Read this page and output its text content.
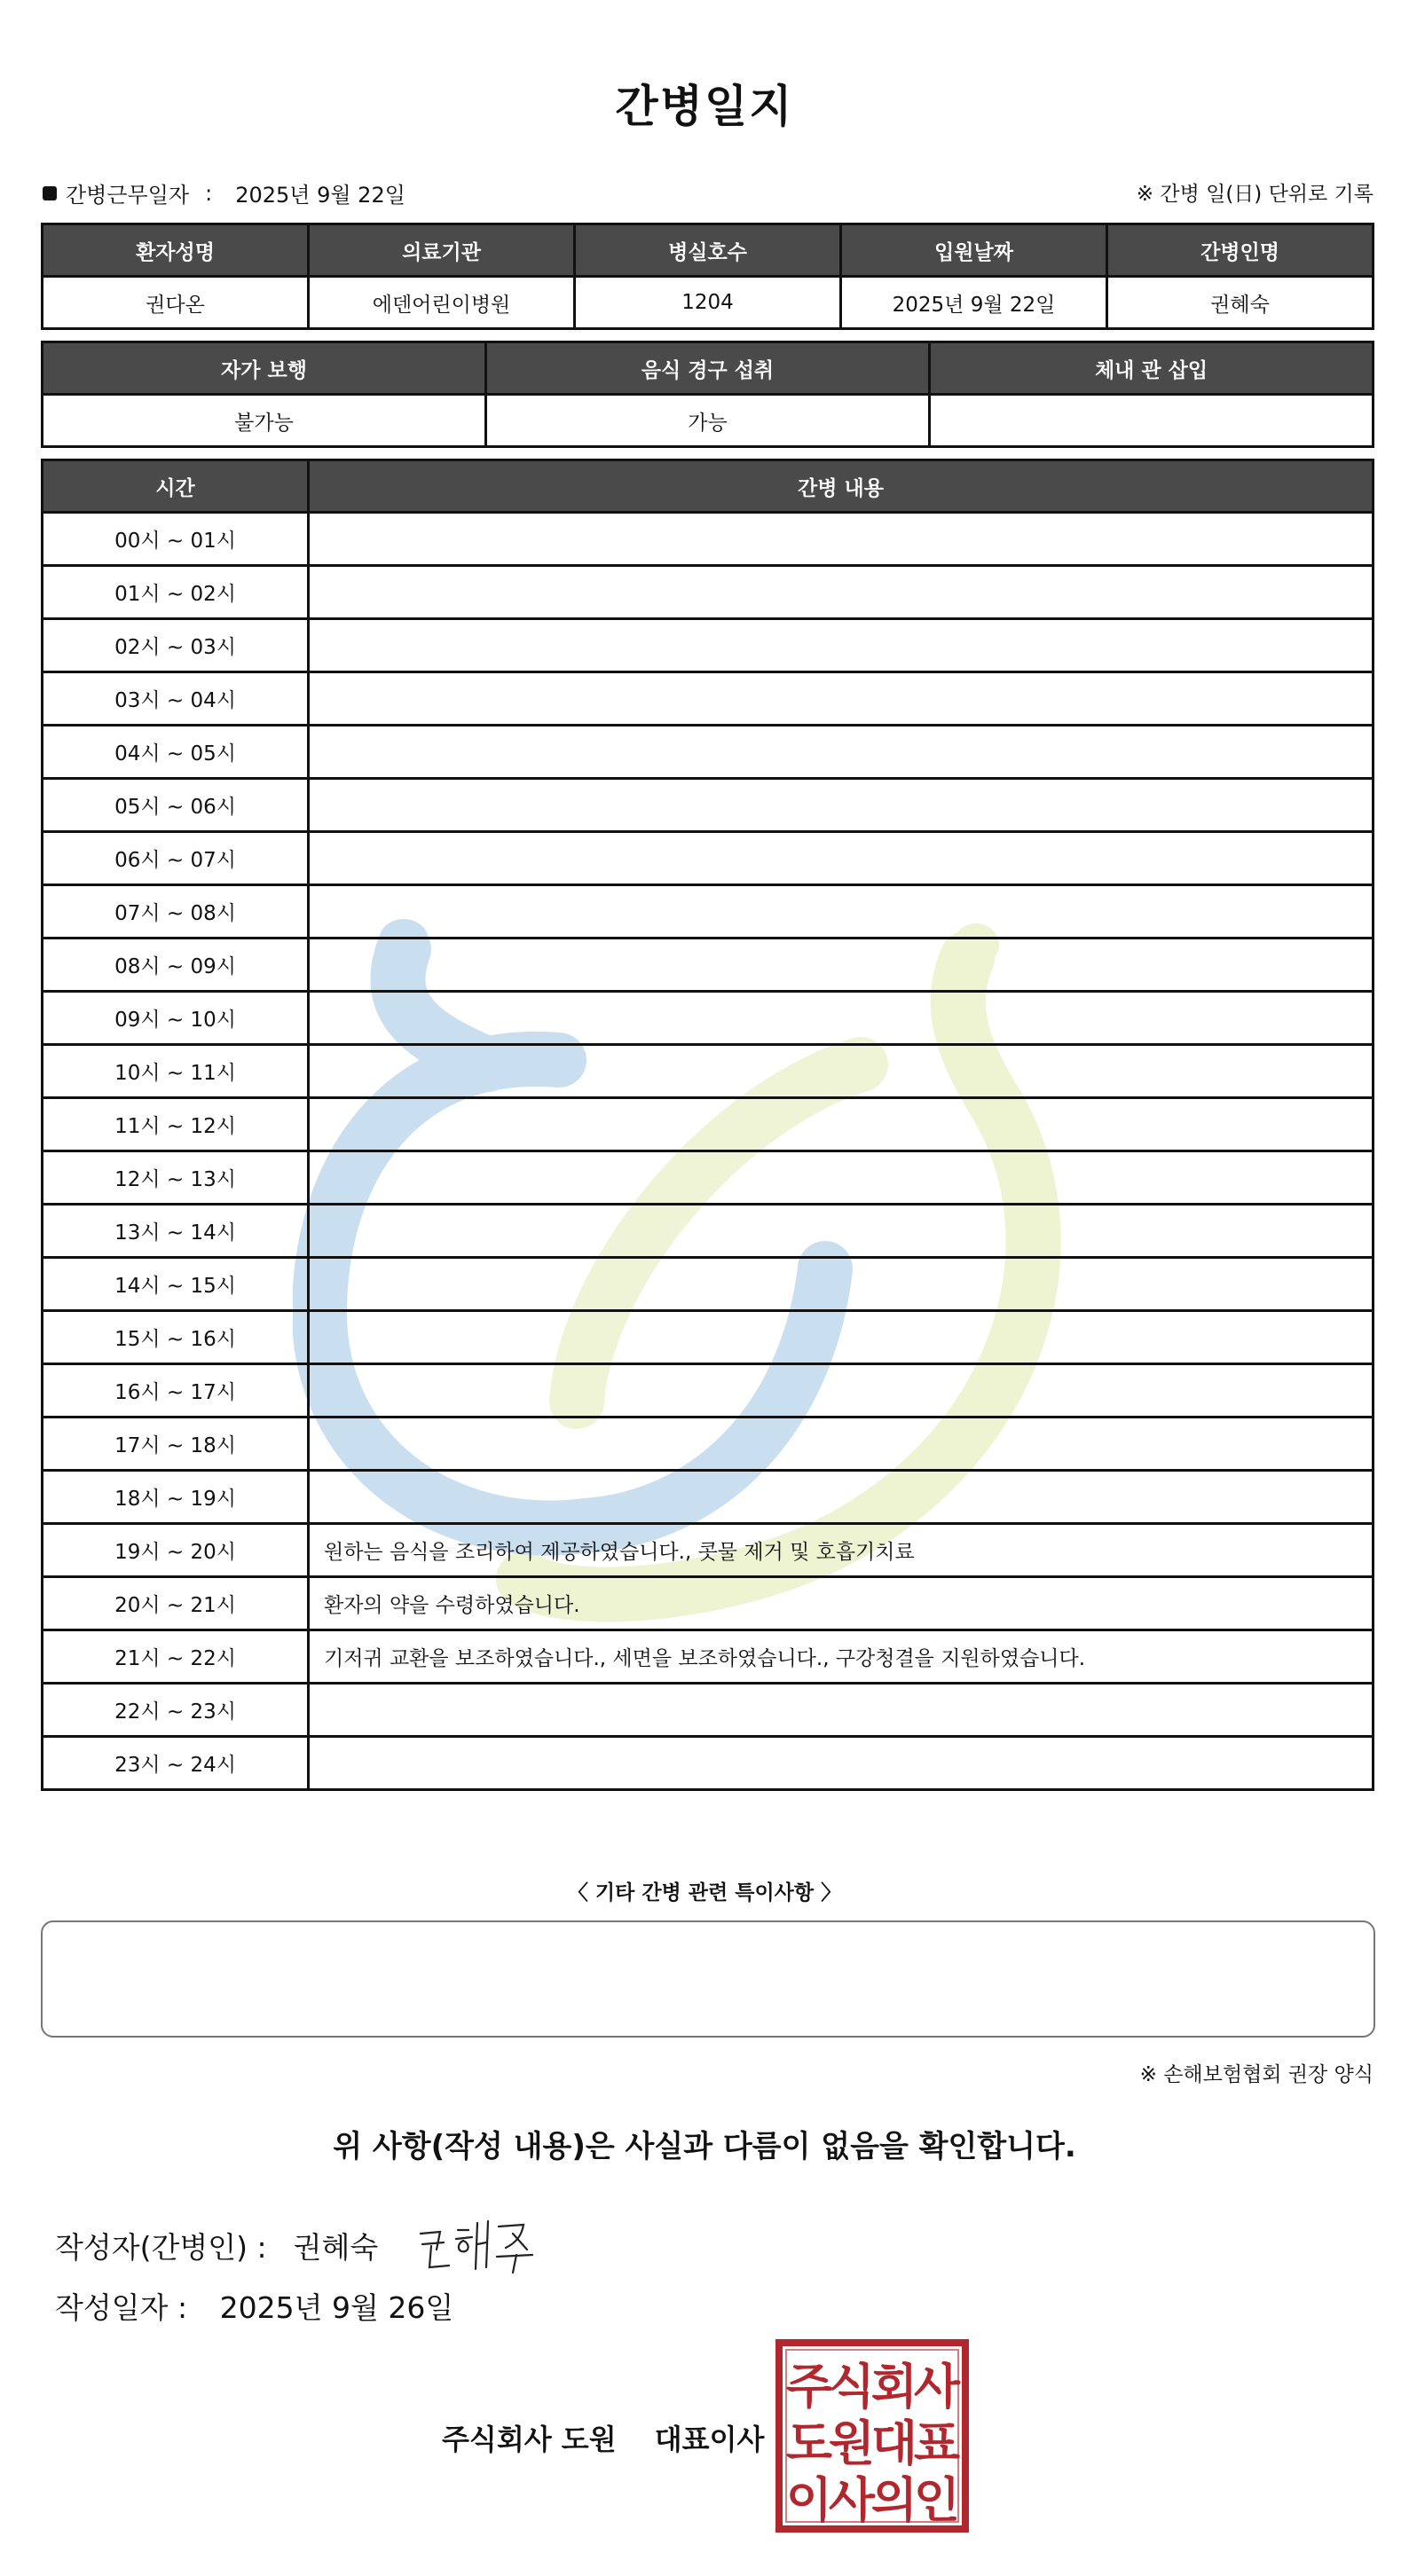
간병일지
간병근무일자 : 2025년 9월 22일	※ 간병 일(日) 단위로 기록
환자성명	의료기관	병실호수	입원날짜	간병인명
권다온	에덴어린이병원	1204	2025년 9월 22일	권혜숙
자가 보행	음식 경구 섭취	체내 관 삽입
불가능	가능	
시간	간병 내용
00시 ~ 01시	
01시 ~ 02시	
02시 ~ 03시	
03시 ~ 04시	
04시 ~ 05시	
05시 ~ 06시	
06시 ~ 07시	
07시 ~ 08시	
08시 ~ 09시	
09시 ~ 10시	
10시 ~ 11시	
11시 ~ 12시	
12시 ~ 13시	
13시 ~ 14시	
14시 ~ 15시	
15시 ~ 16시	
16시 ~ 17시	
17시 ~ 18시	
18시 ~ 19시	
19시 ~ 20시	원하는 음식을 조리하여 제공하였습니다., 콧물 제거 및 호흡기치료
20시 ~ 21시	환자의 약을 수령하였습니다.
21시 ~ 22시	기저귀 교환을 보조하였습니다., 세면을 보조하였습니다., 구강청결을 지원하였습니다.
22시 ~ 23시	
23시 ~ 24시	
〈 기타 간병 관련 특이사항 〉
※ 손해보험협회 권장 양식
위 사항(작성 내용)은 사실과 다름이 없음을 확인합니다.
작성자(간병인) : 권혜숙
작성일자 : 2025년 9월 26일
주식회사 도원 대표이사
주
식
회
사
도
원
대
표
이
사
의
인
